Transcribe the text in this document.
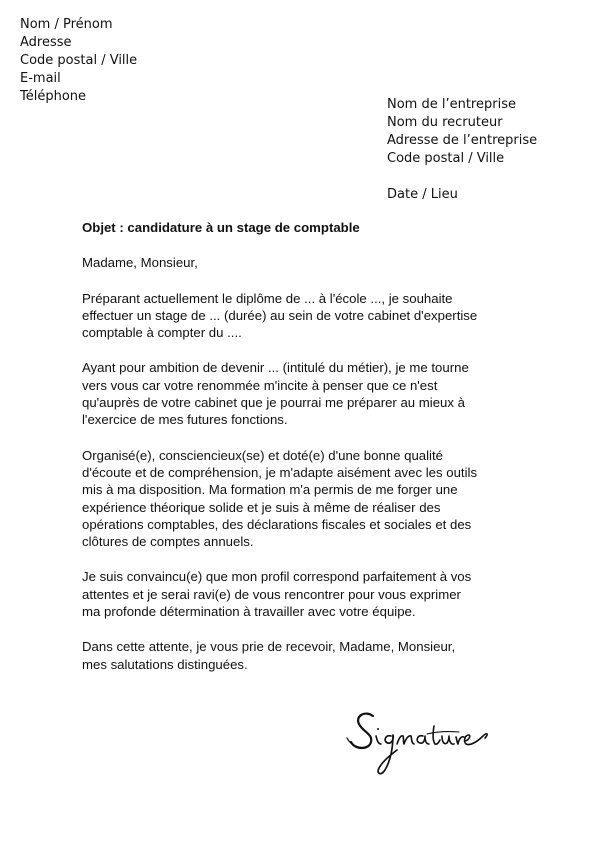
Nom / Prénom
Adresse
Code postal / Ville
E-mail
Téléphone
Nom de l’entreprise
Nom du recruteur
Adresse de l’entreprise
Code postal / Ville
Date / Lieu
Objet : candidature à un stage de comptable
Madame, Monsieur,
Préparant actuellement le diplôme de ... à l'école ..., je souhaite
effectuer un stage de ... (durée) au sein de votre cabinet d'expertise
comptable à compter du ....
Ayant pour ambition de devenir ... (intitulé du métier), je me tourne
vers vous car votre renommée m'incite à penser que ce n'est
qu'auprès de votre cabinet que je pourrai me préparer au mieux à
l'exercice de mes futures fonctions.
Organisé(e), consciencieux(se) et doté(e) d'une bonne qualité
d'écoute et de compréhension, je m'adapte aisément avec les outils
mis à ma disposition. Ma formation m'a permis de me forger une
expérience théorique solide et je suis à même de réaliser des
opérations comptables, des déclarations fiscales et sociales et des
clôtures de comptes annuels.
Je suis convaincu(e) que mon profil correspond parfaitement à vos
attentes et je serai ravi(e) de vous rencontrer pour vous exprimer
ma profonde détermination à travailler avec votre équipe.
Dans cette attente, je vous prie de recevoir, Madame, Monsieur,
mes salutations distinguées.
